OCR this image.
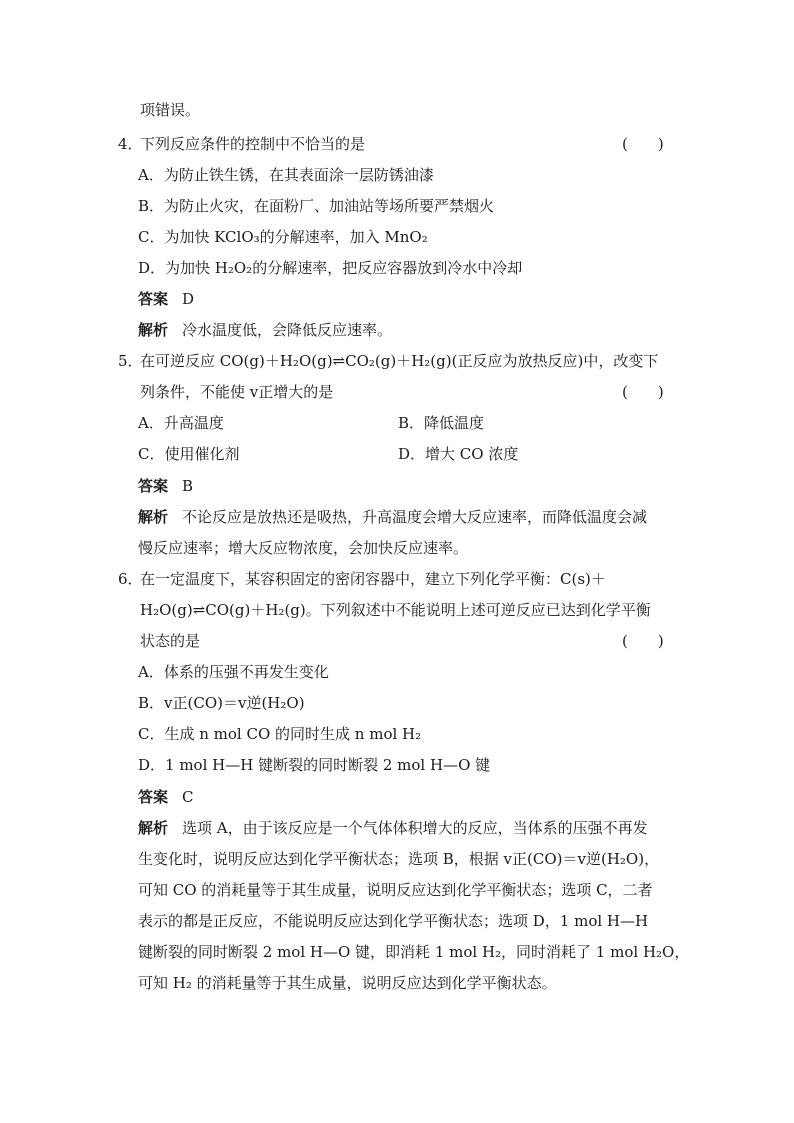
项错误。
4．
下列反应条件的控制中不恰当的是	(　　)
A．为防止铁生锈，在其表面涂一层防锈油漆
B．为防止火灾，在面粉厂、加油站等场所要严禁烟火
C．为加快 KClO₃的分解速率，加入 MnO₂
D．为加快 H₂O₂的分解速率，把反应容器放到冷水中冷却
答案 D
解析 冷水温度低，会降低反应速率。
5．
在可逆反应 CO(g)＋H₂O(g)⇌CO₂(g)＋H₂(g)(正反应为放热反应)中，改变下
列条件，不能使 v正增大的是	(　　)
A．升高温度	B．降低温度
C．使用催化剂	D．增大 CO 浓度
答案 B
解析 不论反应是放热还是吸热，升高温度会增大反应速率，而降低温度会减
慢反应速率；增大反应物浓度，会加快反应速率。
6．
在一定温度下，某容积固定的密闭容器中，建立下列化学平衡：C(s)＋
H₂O(g)⇌CO(g)＋H₂(g)。下列叙述中不能说明上述可逆反应已达到化学平衡
状态的是	(　　)
A．体系的压强不再发生变化
B．v正(CO)＝v逆(H₂O)
C．生成 n mol CO 的同时生成 n mol H₂
D．1 mol H—H 键断裂的同时断裂 2 mol H—O 键
答案 C
解析 选项 A，由于该反应是一个气体体积增大的反应，当体系的压强不再发
生变化时，说明反应达到化学平衡状态；选项 B，根据 v正(CO)＝v逆(H₂O)，
可知 CO 的消耗量等于其生成量，说明反应达到化学平衡状态；选项 C，二者
表示的都是正反应，不能说明反应达到化学平衡状态；选项 D，1 mol H—H
键断裂的同时断裂 2 mol H—O 键，即消耗 1 mol H₂，同时消耗了 1 mol H₂O，
可知 H₂ 的消耗量等于其生成量，说明反应达到化学平衡状态。
